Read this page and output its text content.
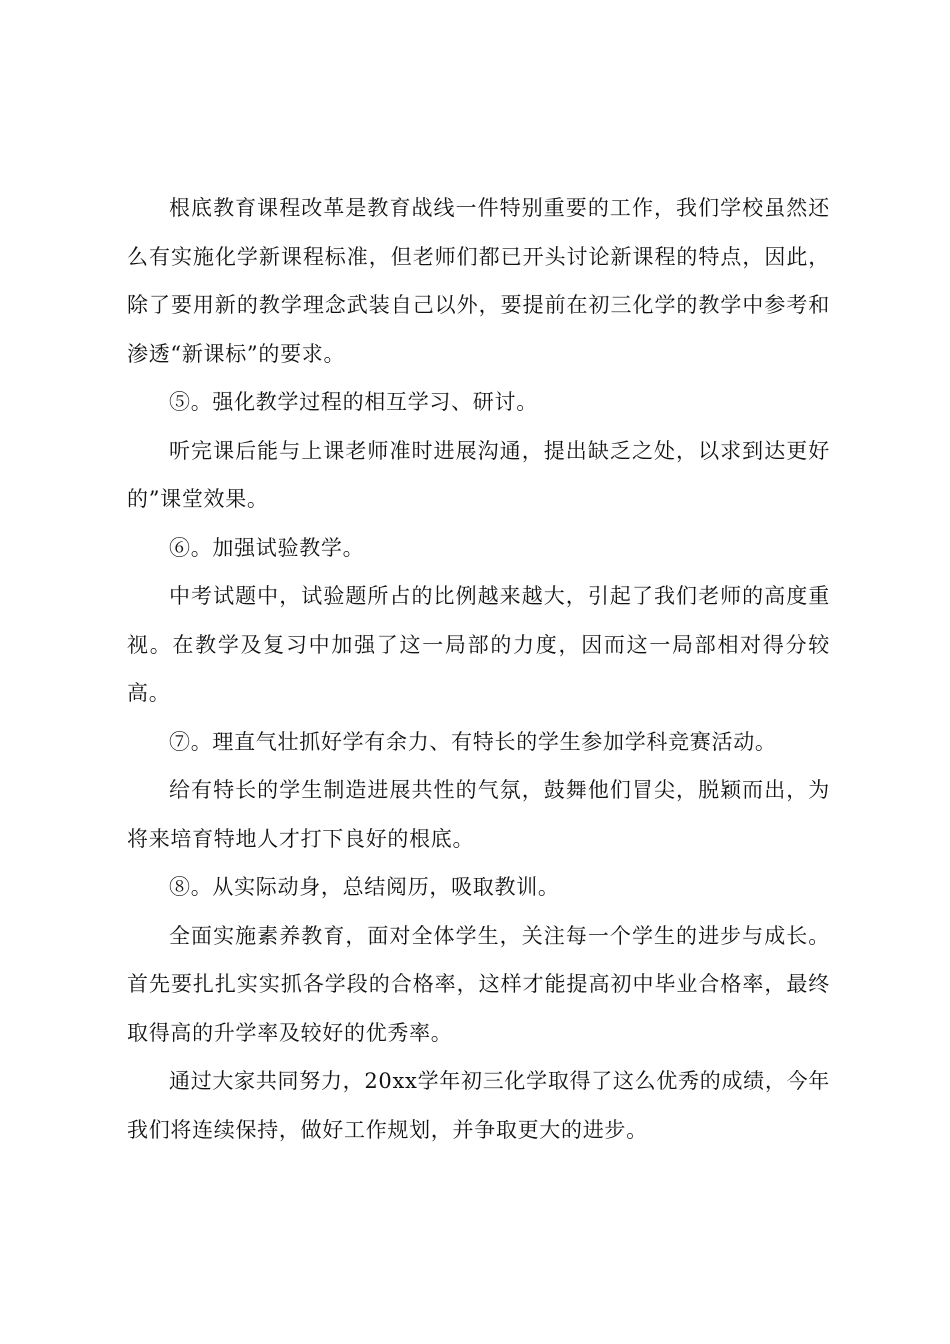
根底教育课程改革是教育战线一件特别重要的工作，我们学校虽然还么有实施化学新课程标准，但老师们都已开头讨论新课程的特点，因此，除了要用新的教学理念武装自己以外，要提前在初三化学的教学中参考和渗透“新课标”的要求。

⑤。强化教学过程的相互学习、研讨。

听完课后能与上课老师准时进展沟通，提出缺乏之处，以求到达更好的”课堂效果。

⑥。加强试验教学。

中考试题中，试验题所占的比例越来越大，引起了我们老师的高度重视。在教学及复习中加强了这一局部的力度，因而这一局部相对得分较高。

⑦。理直气壮抓好学有余力、有特长的学生参加学科竞赛活动。

给有特长的学生制造进展共性的气氛，鼓舞他们冒尖，脱颖而出，为将来培育特地人才打下良好的根底。

⑧。从实际动身，总结阅历，吸取教训。

全面实施素养教育，面对全体学生，关注每一个学生的进步与成长。首先要扎扎实实抓各学段的合格率，这样才能提高初中毕业合格率，最终取得高的升学率及较好的优秀率。

通过大家共同努力，20xx学年初三化学取得了这么优秀的成绩，今年我们将连续保持，做好工作规划，并争取更大的进步。
